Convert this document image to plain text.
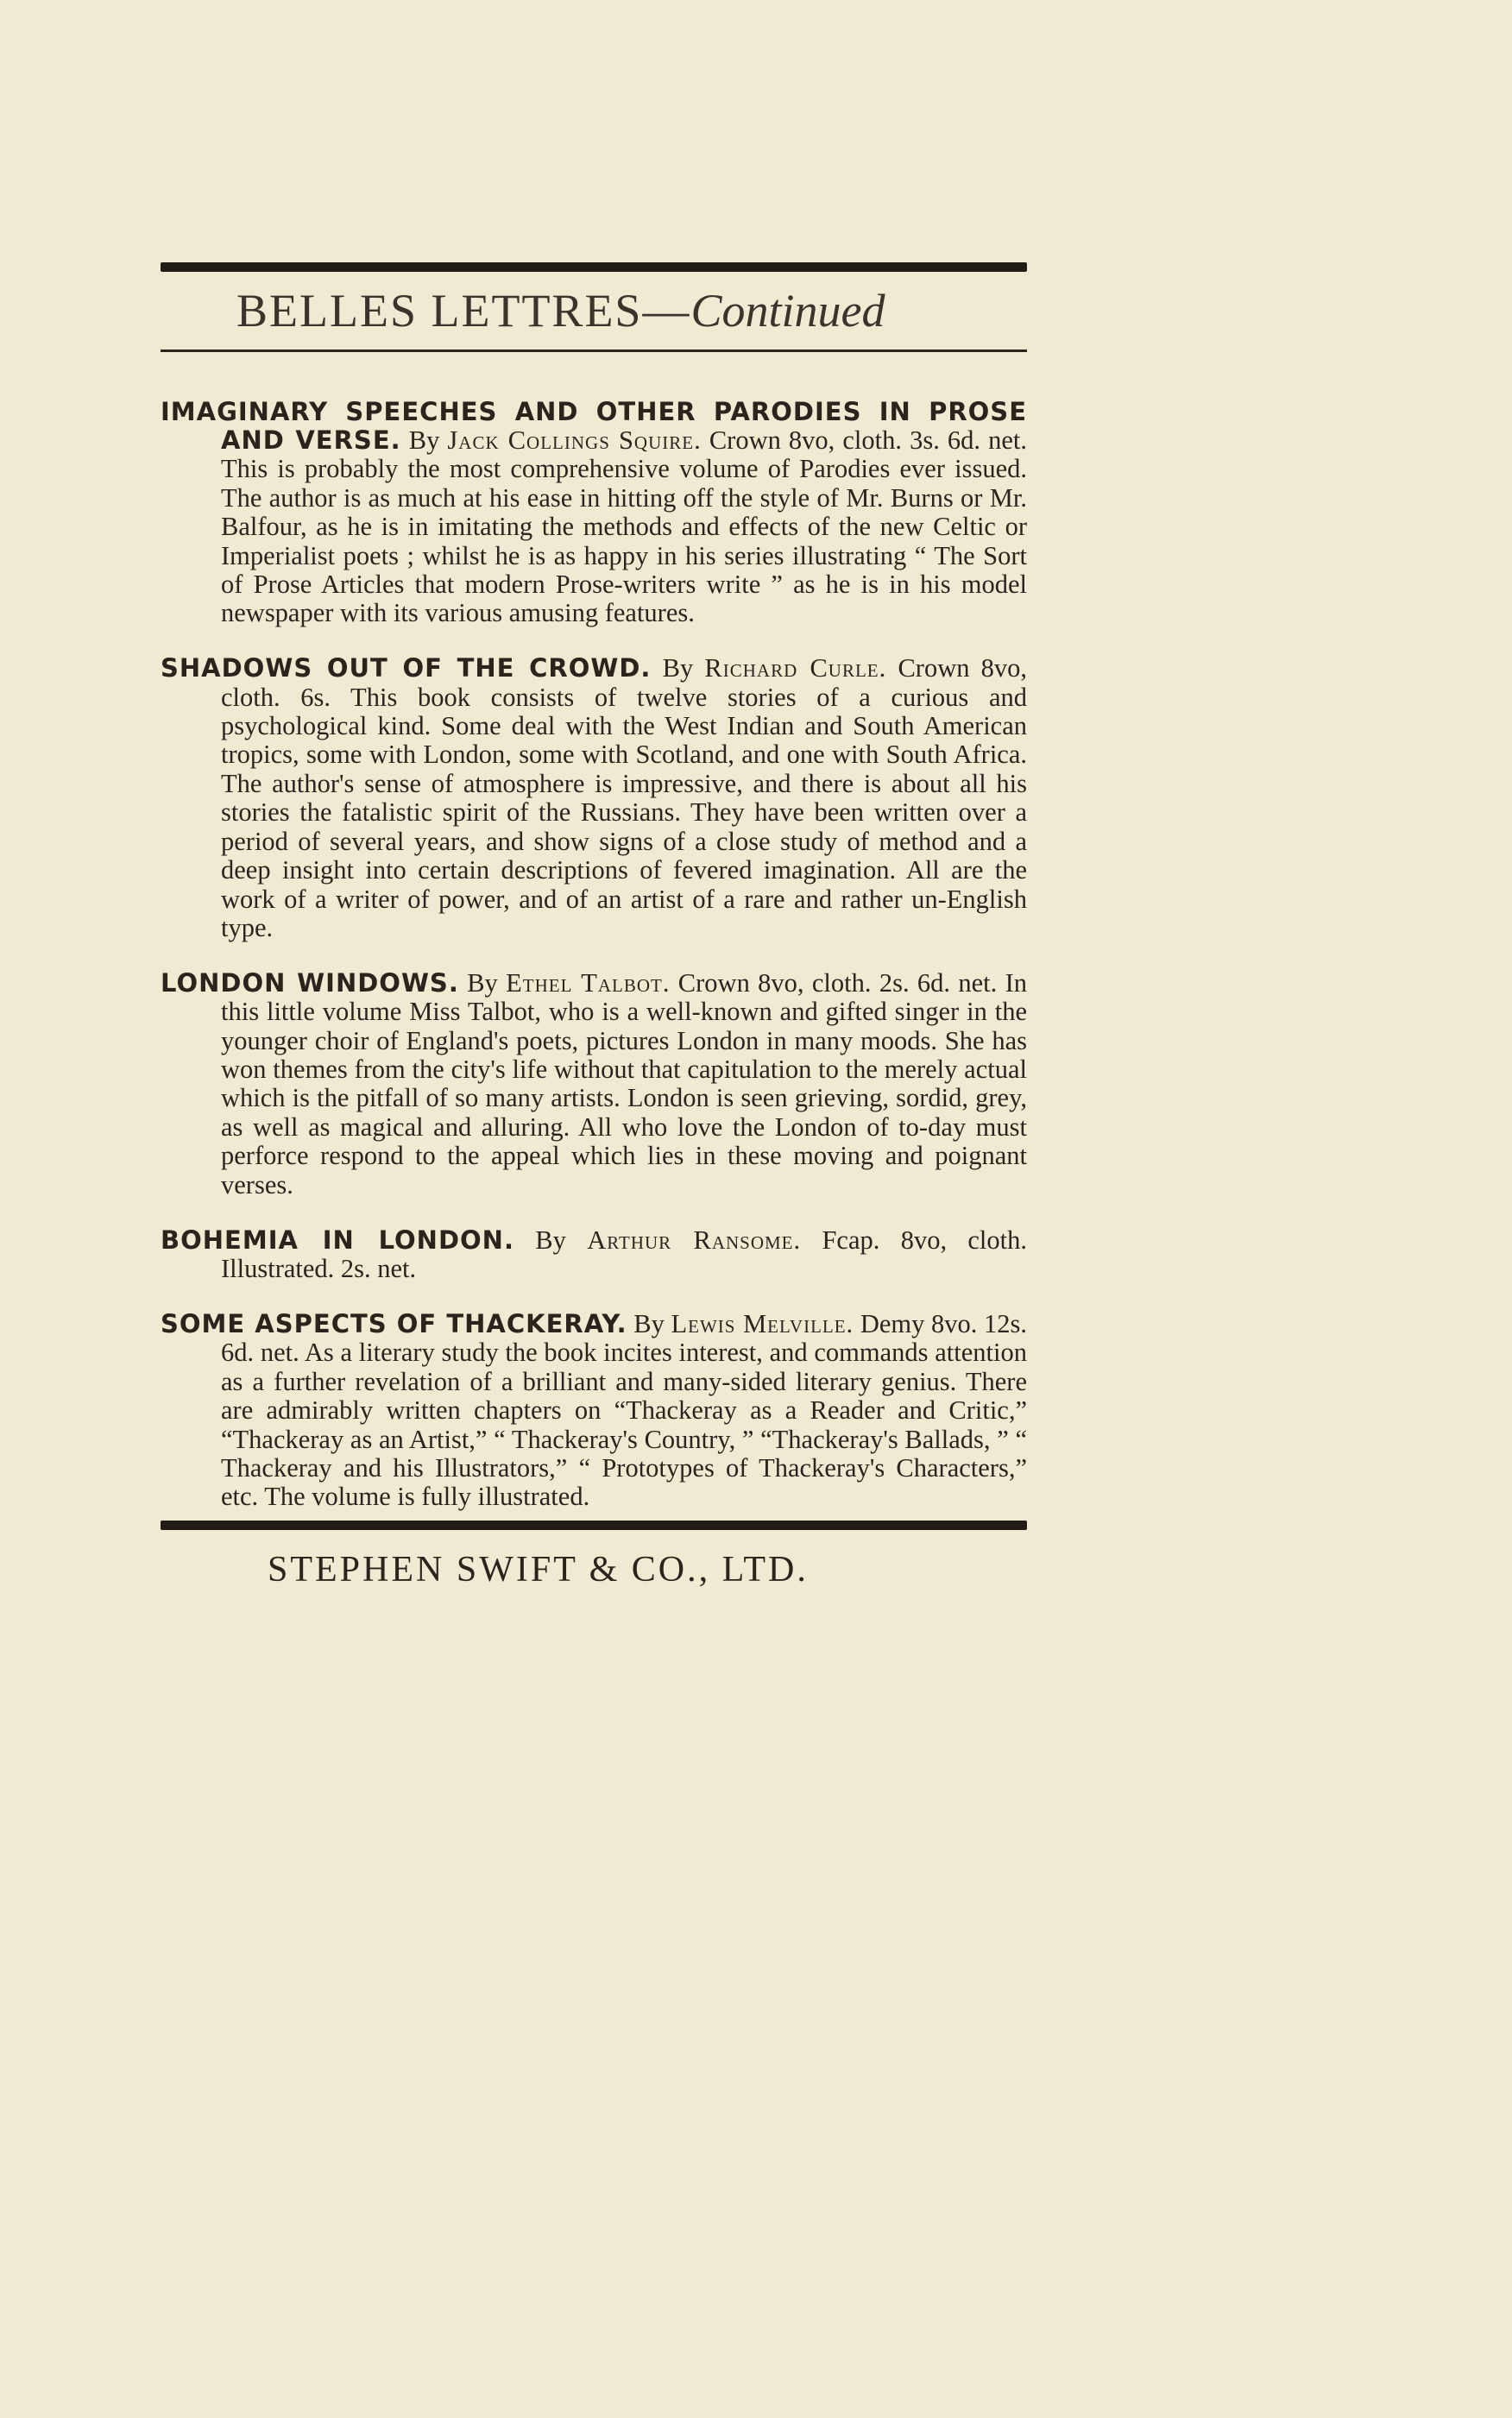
BELLES LETTRES — Continued

IMAGINARY SPEECHES AND OTHER PARODIES IN PROSE AND VERSE. By Jack Collings Squire. Crown 8vo, cloth. 3s. 6d. net. This is probably the most comprehensive volume of Parodies ever issued. The author is as much at his ease in hitting off the style of Mr. Burns or Mr. Balfour, as he is in imitating the methods and effects of the new Celtic or Imperialist poets ; whilst he is as happy in his series illustrating “ The Sort of Prose Articles that modern Prose-writers write ” as he is in his model newspaper with its various amusing features.

SHADOWS OUT OF THE CROWD. By Richard Curle. Crown 8vo, cloth. 6s. This book consists of twelve stories of a curious and psychological kind. Some deal with the West Indian and South American tropics, some with London, some with Scotland, and one with South Africa. The author's sense of atmosphere is impressive, and there is about all his stories the fatalistic spirit of the Russians. They have been written over a period of several years, and show signs of a close study of method and a deep insight into certain descriptions of fevered imagination. All are the work of a writer of power, and of an artist of a rare and rather un-English type.

LONDON WINDOWS. By Ethel Talbot. Crown 8vo, cloth. 2s. 6d. net. In this little volume Miss Talbot, who is a well-known and gifted singer in the younger choir of England's poets, pictures London in many moods. She has won themes from the city's life without that capitulation to the merely actual which is the pitfall of so many artists. London is seen grieving, sordid, grey, as well as magical and alluring. All who love the London of to-day must perforce respond to the appeal which lies in these moving and poignant verses.

BOHEMIA IN LONDON. By Arthur Ransome. Fcap. 8vo, cloth. Illustrated. 2s. net.

SOME ASPECTS OF THACKERAY. By Lewis Melville. Demy 8vo. 12s. 6d. net. As a literary study the book incites interest, and commands attention as a further revelation of a brilliant and many-sided literary genius. There are admirably written chapters on “Thackeray as a Reader and Critic,” “Thackeray as an Artist,” “ Thackeray's Country, ” “Thackeray's Ballads, ” “ Thackeray and his Illustrators,” “ Prototypes of Thackeray's Characters,” etc. The volume is fully illustrated.

STEPHEN SWIFT & CO., LTD.
